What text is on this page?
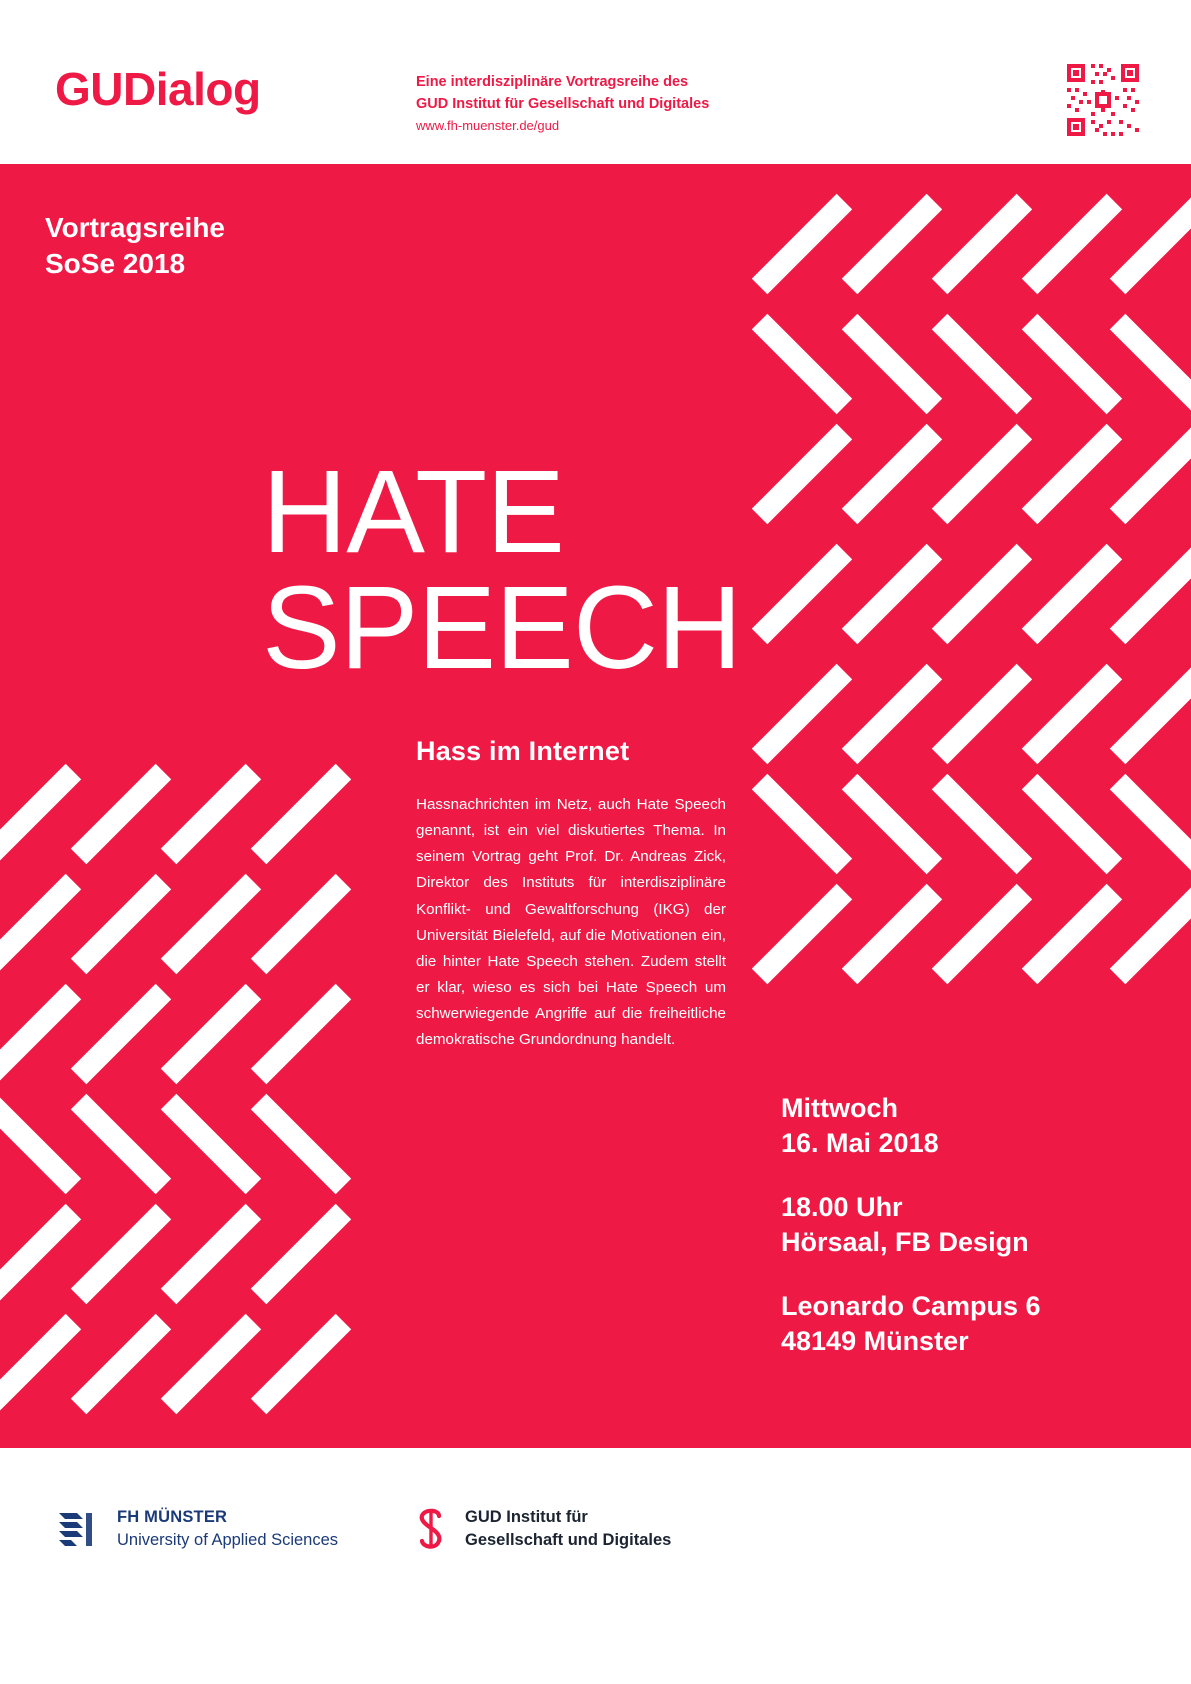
GUDialog	Eine interdisziplinäre Vortragsreihe des
GUD Institut für Gesellschaft und Digitales
www.fh-muenster.de/gud
Vortragsreihe
SoSe 2018
HATE
SPEECH
Hass im Internet
Hassnachrichten im Netz, auch Hate Speech genannt, ist ein viel diskutiertes Thema. In seinem Vortrag geht Prof. Dr. Andreas Zick, Direktor des Instituts für interdisziplinäre Konflikt- und Gewaltforschung (IKG) der Universität Bielefeld, auf die Motivationen ein, die hinter Hate Speech stehen. Zudem stellt er klar, wieso es sich bei Hate Speech um schwerwiegende Angriffe auf die freiheitliche demokratische Grundordnung handelt.
Mittwoch
16. Mai 2018
18.00 Uhr
Hörsaal, FB Design
Leonardo Campus 6
48149 Münster
FH MÜNSTER
University of Applied Sciences
GUD Institut für
Gesellschaft und Digitales
